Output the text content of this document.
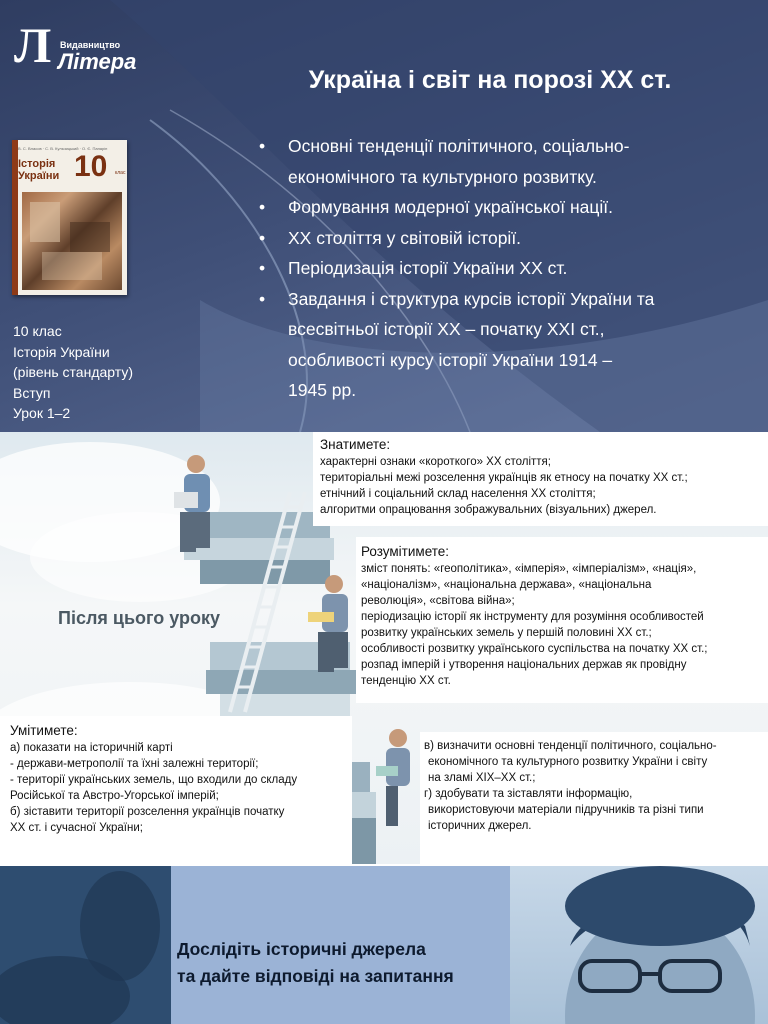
Л Видавництво
Літера
В. С. Власов · С. В. Кульчицький · О. Є. Панарін
Історія України 10 клас
10 клас
Історія України
(рівень стандарту)
Вступ
Урок 1–2
Україна і світ на порозі ХХ ст.
• Основні тенденції політичного, соціально-
економічного та культурного розвитку.
• Формування модерної української нації.
• ХХ століття у світовій історії.
• Періодизація історії України ХХ ст.
• Завдання і структура курсів історії України та
всесвітньої історії ХХ – початку ХХІ ст.,
особливості курсу історії України 1914 –
1945 рр.
Після цього уроку
Знатимете:
характерні ознаки «короткого» ХХ століття;
територіальні межі розселення українців як етносу на початку ХХ ст.;
етнічний і соціальний склад населення ХХ століття;
алгоритми опрацювання зображувальних (візуальних) джерел.
Розумітимете:
зміст понять: «геополітика», «імперія», «імперіалізм», «нація»,
«націоналізм», «національна держава», «національна
революція», «світова війна»;
періодизацію історії як інструменту для розуміння особливостей
розвитку українських земель у першій половині ХХ ст.;
особливості розвитку українського суспільства на початку ХХ ст.;
розпад імперій і утворення національних держав як провідну
тенденцію ХХ ст.
Умітимете:
а) показати на історичній карті
- держави-метрополії та їхні залежні території;
- території українських земель, що входили до складу
Російської та Австро-Угорської імперій;
б) зіставити території розселення українців початку
ХХ ст. і сучасної України;
в) визначити основні тенденції політичного, соціально-
економічного та культурного розвитку України і світу
на зламі ХІХ–ХХ ст.;
г) здобувати та зіставляти інформацію,
використовуючи матеріали підручників та різні типи
історичних джерел.
Дослідіть історичні джерела
та дайте відповіді на запитання
